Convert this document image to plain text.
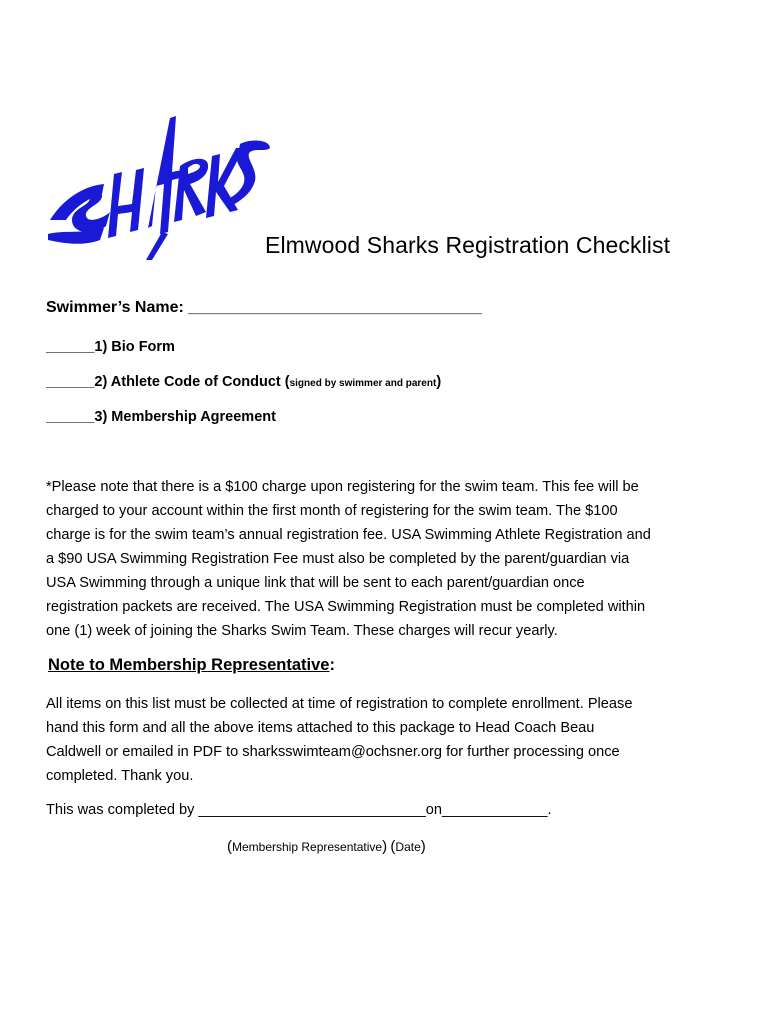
Elmwood Sharks Registration Checklist
Swimmer’s Name: _________________________________
______1) Bio Form
______2) Athlete Code of Conduct (signed by swimmer and parent)
______3) Membership Agreement

*Please note that there is a $100 charge upon registering for the swim team. This fee will be
charged to your account within the first month of registering for the swim team. The $100
charge is for the swim team’s annual registration fee. USA Swimming Athlete Registration and
a $90 USA Swimming Registration Fee must also be completed by the parent/guardian via
USA Swimming through a unique link that will be sent to each parent/guardian once
registration packets are received. The USA Swimming Registration must be completed within
one (1) week of joining the Sharks Swim Team. These charges will recur yearly.

Note to Membership Representative:

All items on this list must be collected at time of registration to complete enrollment. Please
hand this form and all the above items attached to this package to Head Coach Beau
Caldwell or emailed in PDF to sharksswimteam@ochsner.org for further processing once
completed. Thank you.

This was completed by ____________________________on_____________.
(Membership Representative) (Date)
